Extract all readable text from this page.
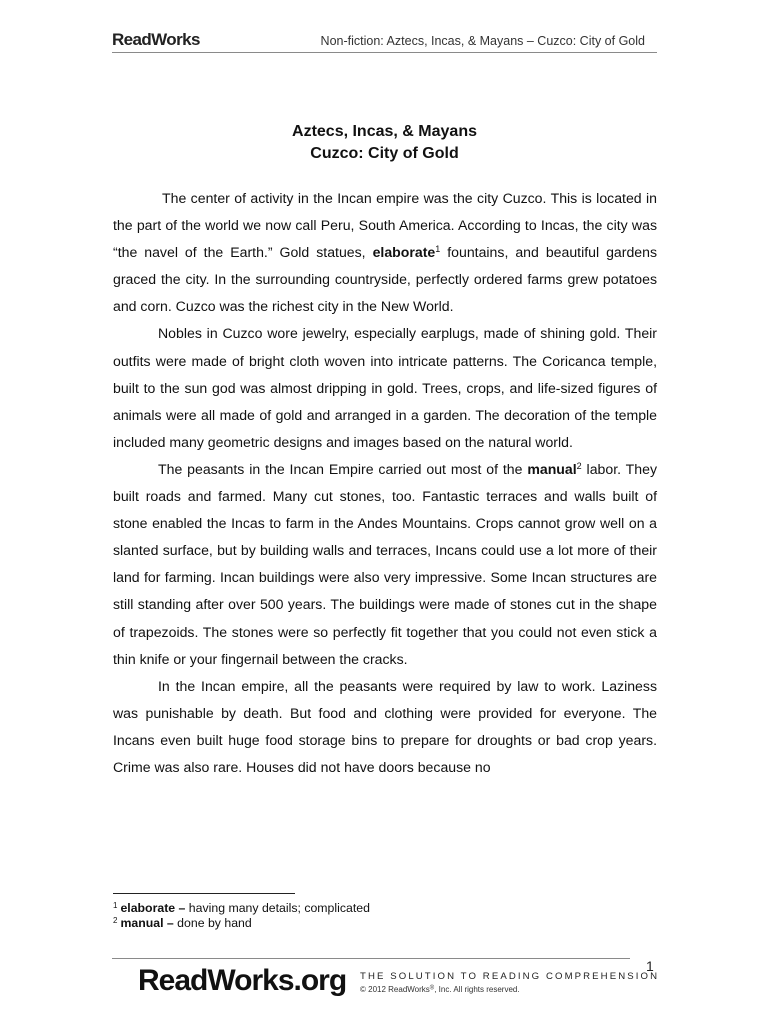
ReadWorks	Non-fiction: Aztecs, Incas, & Mayans – Cuzco: City of Gold
Aztecs, Incas, & Mayans
Cuzco: City of Gold

The center of activity in the Incan empire was the city Cuzco. This is located in the part of the world we now call Peru, South America. According to Incas, the city was “the navel of the Earth.” Gold statues, elaborate$^1$ fountains, and beautiful gardens graced the city. In the surrounding countryside, perfectly ordered farms grew potatoes and corn. Cuzco was the richest city in the New World.

Nobles in Cuzco wore jewelry, especially earplugs, made of shining gold. Their outfits were made of bright cloth woven into intricate patterns. The Coricanca temple, built to the sun god was almost dripping in gold. Trees, crops, and life-sized figures of animals were all made of gold and arranged in a garden. The decoration of the temple included many geometric designs and images based on the natural world.

The peasants in the Incan Empire carried out most of the manual$^2$ labor. They built roads and farmed. Many cut stones, too. Fantastic terraces and walls built of stone enabled the Incas to farm in the Andes Mountains. Crops cannot grow well on a slanted surface, but by building walls and terraces, Incans could use a lot more of their land for farming. Incan buildings were also very impressive. Some Incan structures are still standing after over 500 years. The buildings were made of stones cut in the shape of trapezoids. The stones were so perfectly fit together that you could not even stick a thin knife or your fingernail between the cracks.

In the Incan empire, all the peasants were required by law to work. Laziness was punishable by death. But food and clothing were provided for everyone. The Incans even built huge food storage bins to prepare for droughts or bad crop years. Crime was also rare. Houses did not have doors because no

$^1$ elaborate – having many details; complicated
$^2$ manual – done by hand
1
ReadWorks.org THE SOLUTION TO READING COMPREHENSION
© 2012 ReadWorks®, Inc. All rights reserved.
